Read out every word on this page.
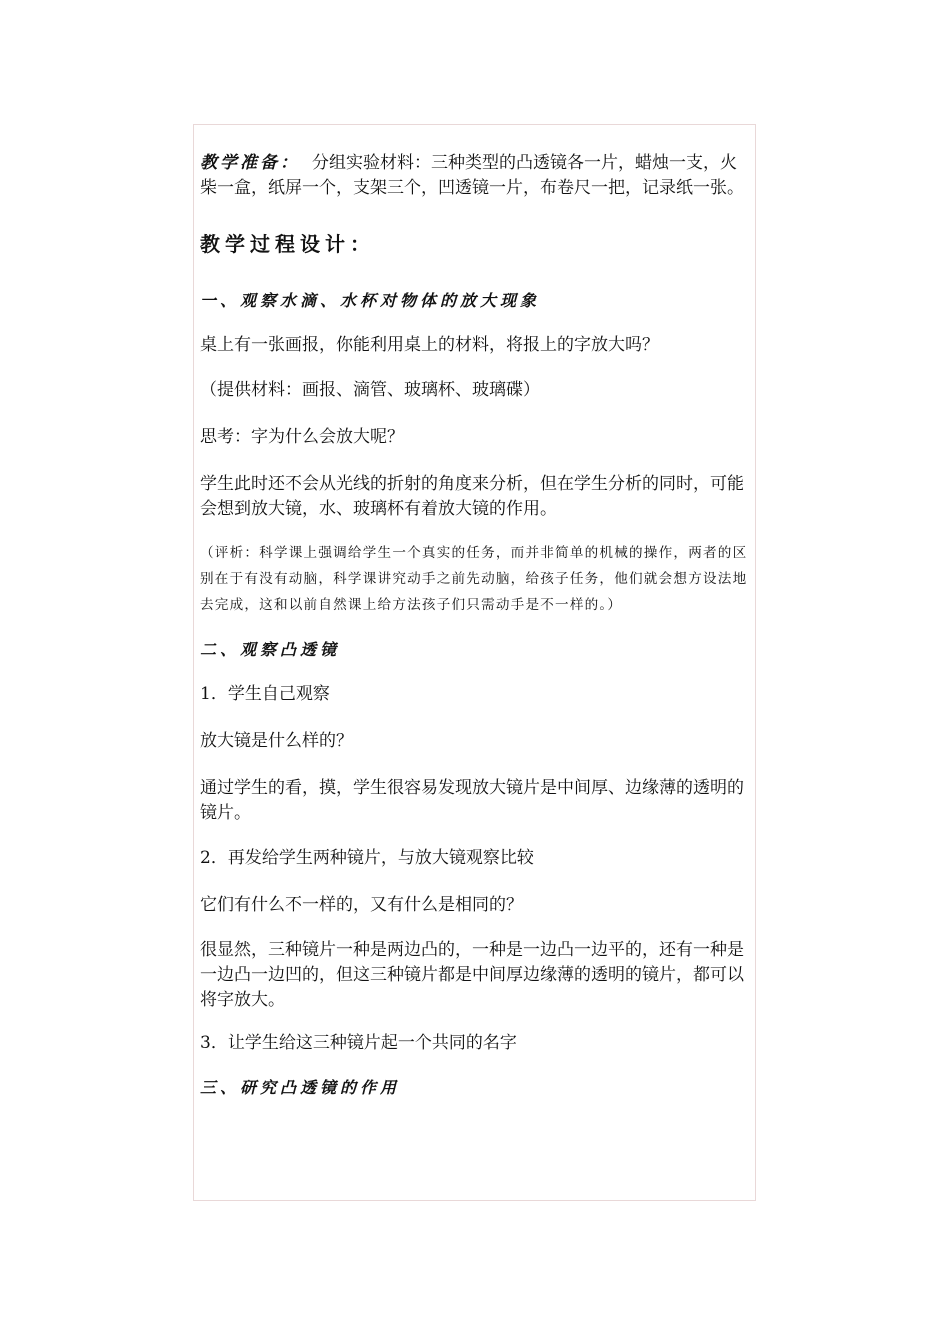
教学准备： 分组实验材料：三种类型的凸透镜各一片，蜡烛一支，火柴一盒，纸屏一个，支架三个，凹透镜一片，布卷尺一把，记录纸一张。

教学过程设计：

一、观察水滴、水杯对物体的放大现象

桌上有一张画报，你能利用桌上的材料，将报上的字放大吗？

（提供材料：画报、滴管、玻璃杯、玻璃碟）

思考：字为什么会放大呢？

学生此时还不会从光线的折射的角度来分析，但在学生分析的同时，可能会想到放大镜，水、玻璃杯有着放大镜的作用。

（评析：科学课上强调给学生一个真实的任务，而并非简单的机械的操作，两者的区别在于有没有动脑，科学课讲究动手之前先动脑，给孩子任务，他们就会想方设法地去完成，这和以前自然课上给方法孩子们只需动手是不一样的。）

二、观察凸透镜

1．学生自己观察

放大镜是什么样的？

通过学生的看，摸，学生很容易发现放大镜片是中间厚、边缘薄的透明的镜片。

2．再发给学生两种镜片，与放大镜观察比较

它们有什么不一样的，又有什么是相同的？

很显然，三种镜片一种是两边凸的，一种是一边凸一边平的，还有一种是一边凸一边凹的，但这三种镜片都是中间厚边缘薄的透明的镜片，都可以将字放大。

3．让学生给这三种镜片起一个共同的名字

三、研究凸透镜的作用
